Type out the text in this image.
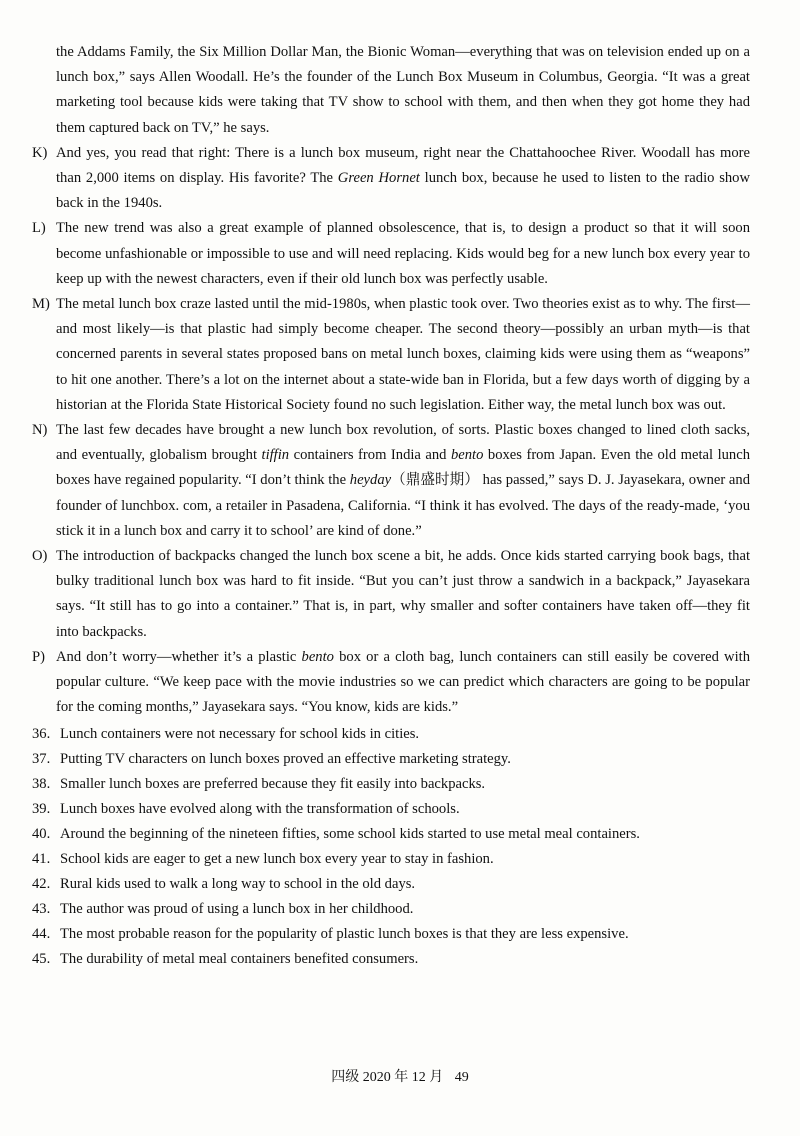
the Addams Family, the Six Million Dollar Man, the Bionic Woman—everything that was on television ended up on a lunch box,” says Allen Woodall. He’s the founder of the Lunch Box Museum in Columbus, Georgia. “It was a great marketing tool because kids were taking that TV show to school with them, and then when they got home they had them captured back on TV,” he says.

K) And yes, you read that right: There is a lunch box museum, right near the Chattahoochee River. Woodall has more than 2,000 items on display. His favorite? The Green Hornet lunch box, because he used to listen to the radio show back in the 1940s.

L) The new trend was also a great example of planned obsolescence, that is, to design a product so that it will soon become unfashionable or impossible to use and will need replacing. Kids would beg for a new lunch box every year to keep up with the newest characters, even if their old lunch box was perfectly usable.

M) The metal lunch box craze lasted until the mid-1980s, when plastic took over. Two theories exist as to why. The first—and most likely—is that plastic had simply become cheaper. The second theory—possibly an urban myth—is that concerned parents in several states proposed bans on metal lunch boxes, claiming kids were using them as “weapons” to hit one another. There’s a lot on the internet about a state-wide ban in Florida, but a few days worth of digging by a historian at the Florida State Historical Society found no such legislation. Either way, the metal lunch box was out.

N) The last few decades have brought a new lunch box revolution, of sorts. Plastic boxes changed to lined cloth sacks, and eventually, globalism brought tiffin containers from India and bento boxes from Japan. Even the old metal lunch boxes have regained popularity. “I don’t think the heyday（鼎盛时期） has passed,” says D. J. Jayasekara, owner and founder of lunchbox. com, a retailer in Pasadena, California. “I think it has evolved. The days of the ready-made, ‘you stick it in a lunch box and carry it to school’ are kind of done.”

O) The introduction of backpacks changed the lunch box scene a bit, he adds. Once kids started carrying book bags, that bulky traditional lunch box was hard to fit inside. “But you can’t just throw a sandwich in a backpack,” Jayasekara says. “It still has to go into a container.” That is, in part, why smaller and softer containers have taken off—they fit into backpacks.

P) And don’t worry—whether it’s a plastic bento box or a cloth bag, lunch containers can still easily be covered with popular culture. “We keep pace with the movie industries so we can predict which characters are going to be popular for the coming months,” Jayasekara says. “You know, kids are kids.”

36. Lunch containers were not necessary for school kids in cities.
37. Putting TV characters on lunch boxes proved an effective marketing strategy.
38. Smaller lunch boxes are preferred because they fit easily into backpacks.
39. Lunch boxes have evolved along with the transformation of schools.
40. Around the beginning of the nineteen fifties, some school kids started to use metal meal containers.
41. School kids are eager to get a new lunch box every year to stay in fashion.
42. Rural kids used to walk a long way to school in the old days.
43. The author was proud of using a lunch box in her childhood.
44. The most probable reason for the popularity of plastic lunch boxes is that they are less expensive.
45. The durability of metal meal containers benefited consumers.
四级 2020 年 12 月 49
